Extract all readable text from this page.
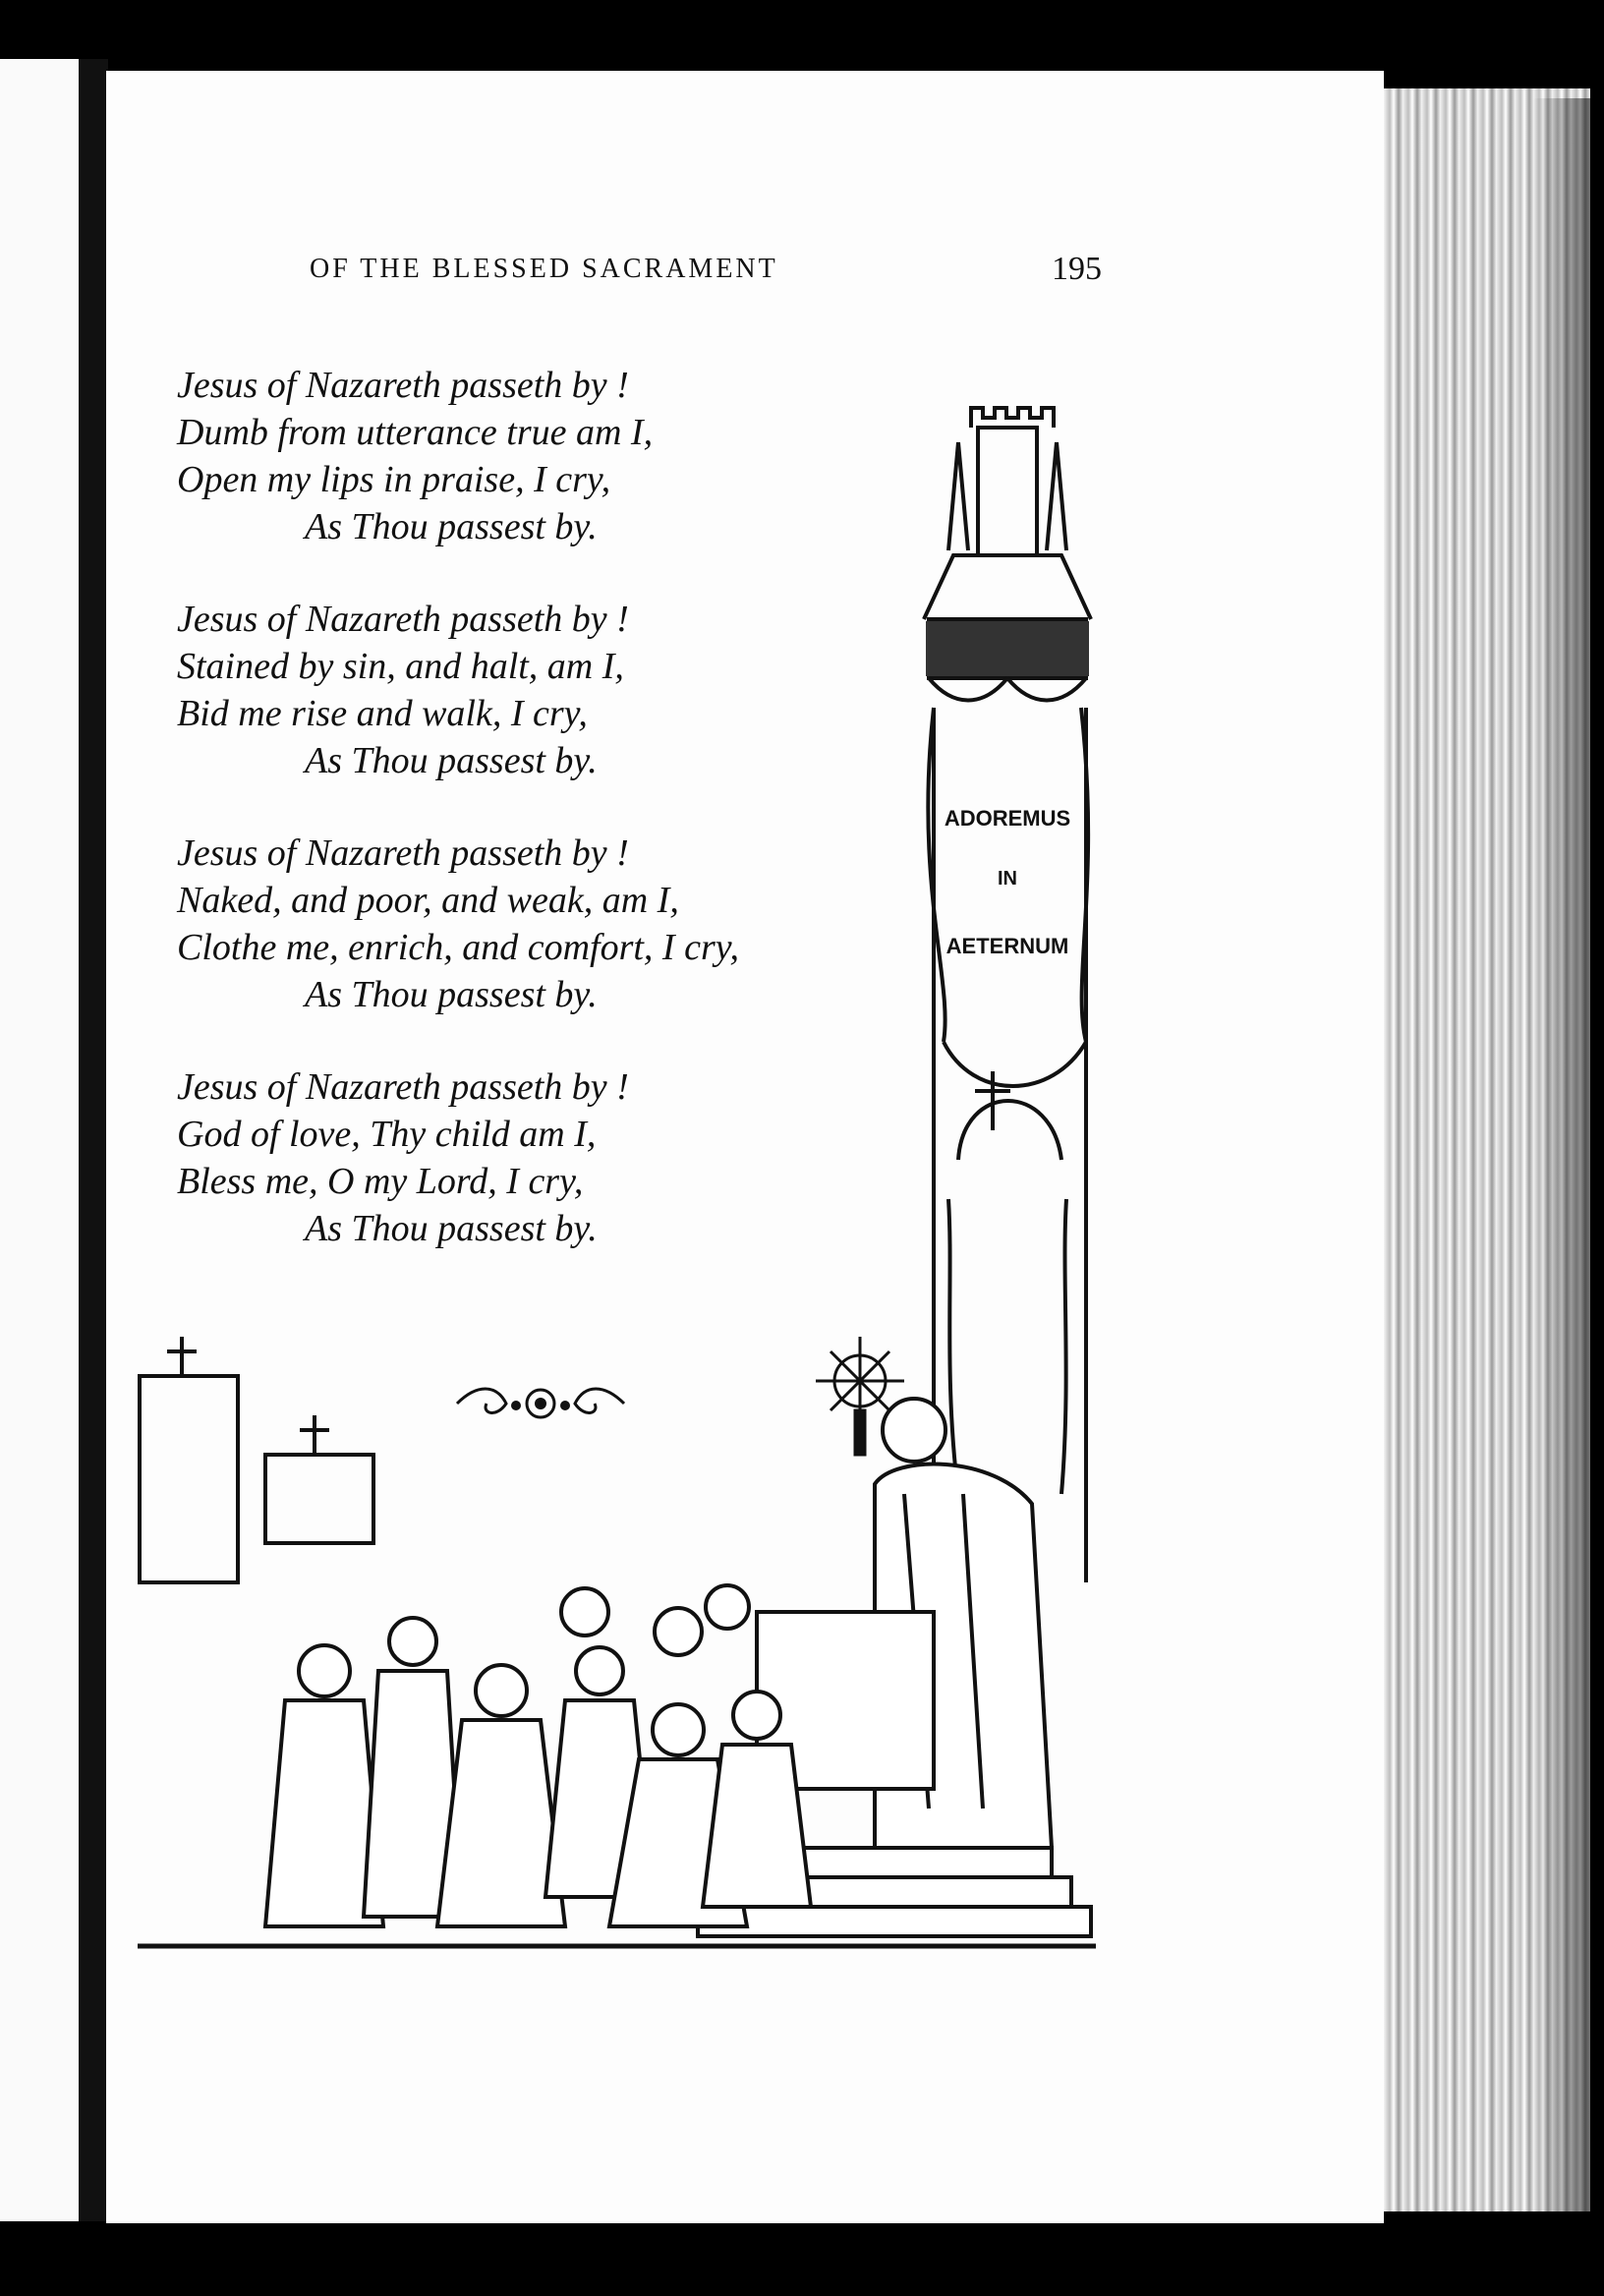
OF THE BLESSED SACRAMENT	195
Jesus of Nazareth passeth by !
Dumb from utterance true am I,
Open my lips in praise, I cry,
As Thou passest by.
Jesus of Nazareth passeth by !
Stained by sin, and halt, am I,
Bid me rise and walk, I cry,
As Thou passest by.
Jesus of Nazareth passeth by !
Naked, and poor, and weak, am I,
Clothe me, enrich, and comfort, I cry,
As Thou passest by.
Jesus of Nazareth passeth by !
God of love, Thy child am I,
Bless me, O my Lord, I cry,
As Thou passest by.
ADOREMUS
IN
AETERNUM
